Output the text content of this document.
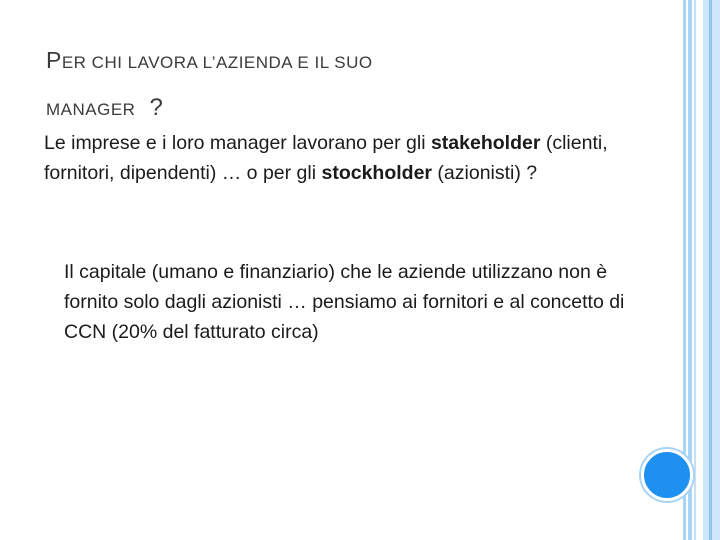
PER CHI LAVORA L’AZIENDA E IL SUO
MANAGER ?
Le imprese e i loro manager lavorano per gli stakeholder (clienti, fornitori, dipendenti) … o per gli stockholder (azionisti) ?
Il capitale (umano e finanziario) che le aziende utilizzano non è fornito solo dagli azionisti … pensiamo ai fornitori e al concetto di CCN (20% del fatturato circa)
